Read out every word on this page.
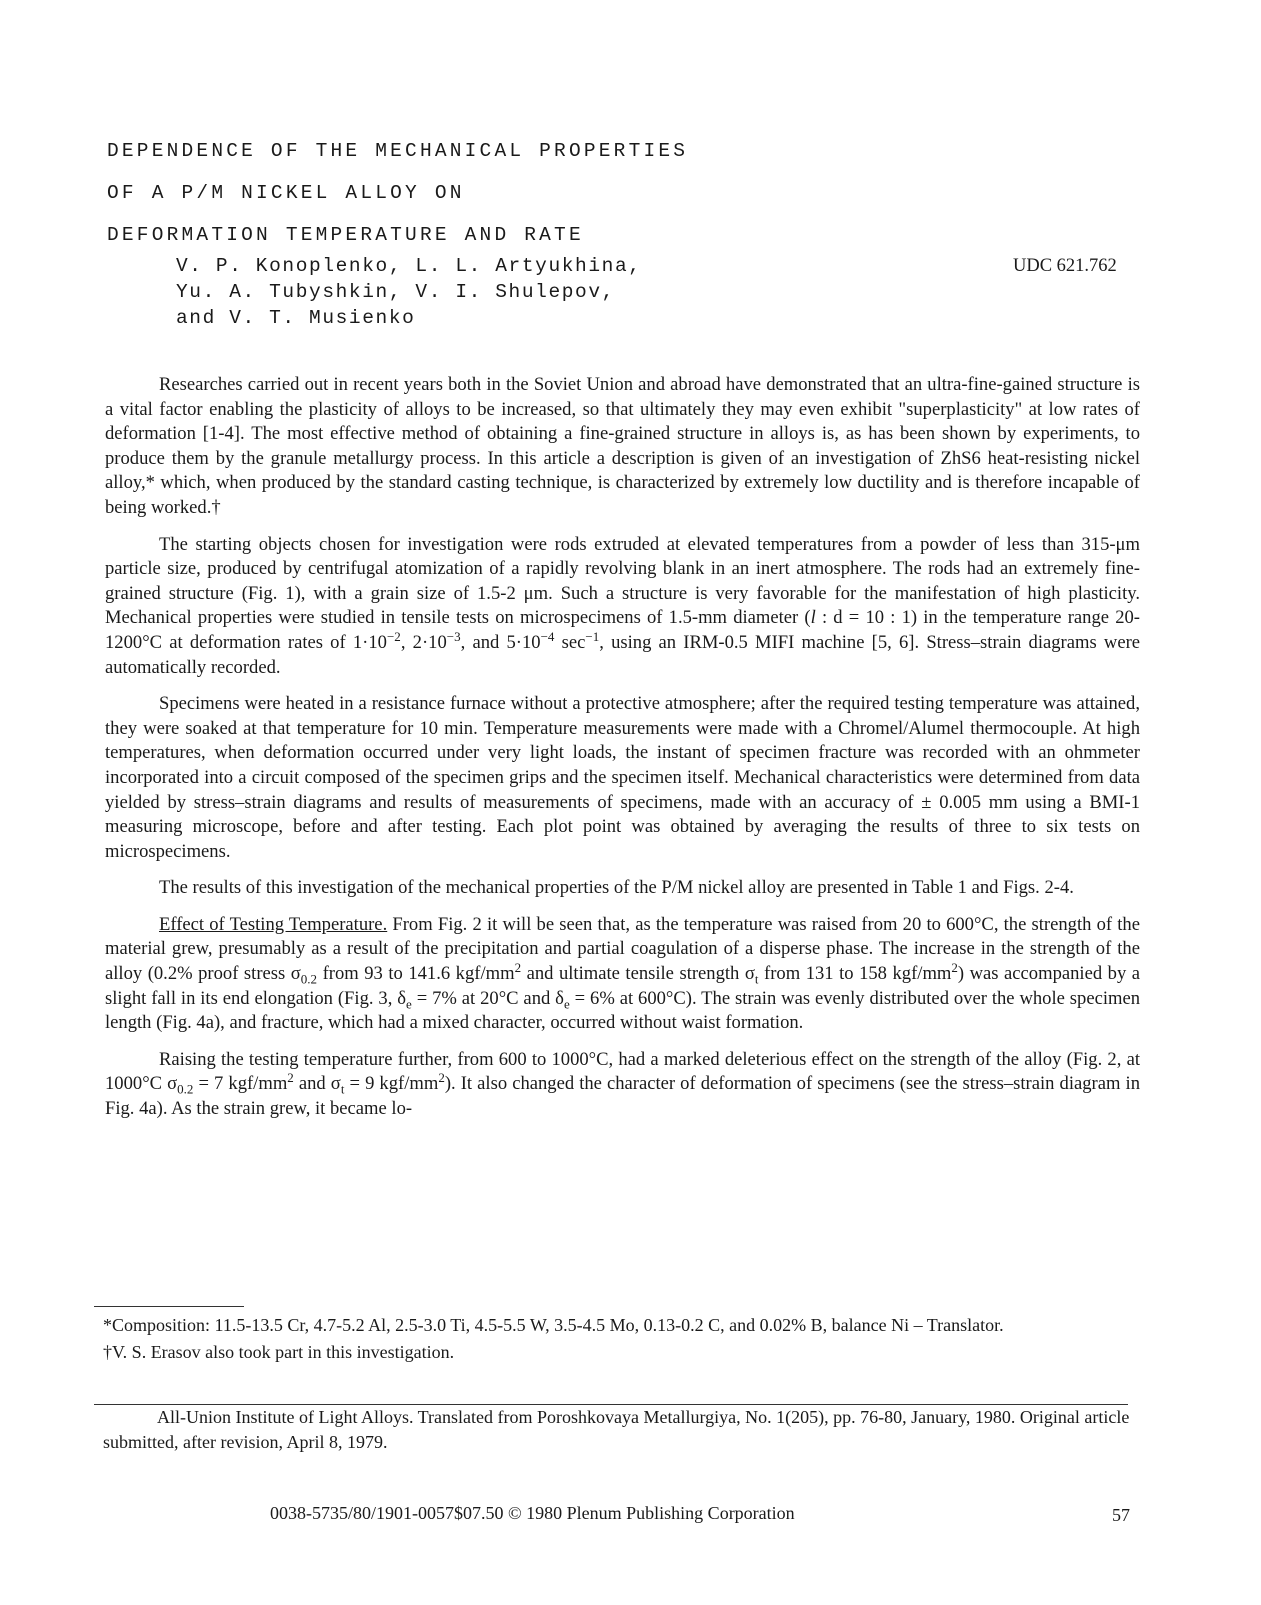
DEPENDENCE OF THE MECHANICAL PROPERTIES
OF A P/M NICKEL ALLOY ON
DEFORMATION TEMPERATURE AND RATE
V. P. Konoplenko, L. L. Artyukhina,
Yu. A. Tubyshkin, V. I. Shulepov,
and V. T. Musienko
UDC 621.762

Researches carried out in recent years both in the Soviet Union and abroad have demonstrated that an ultra-fine-gained structure is a vital factor enabling the plasticity of alloys to be increased, so that ultimately they may even exhibit "superplasticity" at low rates of deformation [1-4]. The most effective method of obtaining a fine-grained structure in alloys is, as has been shown by experiments, to produce them by the granule metallurgy process. In this article a description is given of an investigation of ZhS6 heat-resisting nickel alloy,* which, when produced by the standard casting technique, is characterized by extremely low ductility and is therefore incapable of being worked.†

The starting objects chosen for investigation were rods extruded at elevated temperatures from a powder of less than 315-μm particle size, produced by centrifugal atomization of a rapidly revolving blank in an inert atmosphere. The rods had an extremely fine-grained structure (Fig. 1), with a grain size of 1.5-2 μm. Such a structure is very favorable for the manifestation of high plasticity. Mechanical properties were studied in tensile tests on microspecimens of 1.5-mm diameter (l : d = 10 : 1) in the temperature range 20-1200°C at deformation rates of $1\cdot 10^{-2}$, $2\cdot 10^{-3}$, and $5\cdot 10^{-4}$ $\sec^{-1}$, using an IRM-0.5 MIFI machine [5, 6]. Stress–strain diagrams were automatically recorded.

Specimens were heated in a resistance furnace without a protective atmosphere; after the required testing temperature was attained, they were soaked at that temperature for 10 min. Temperature measurements were made with a Chromel/Alumel thermocouple. At high temperatures, when deformation occurred under very light loads, the instant of specimen fracture was recorded with an ohmmeter incorporated into a circuit composed of the specimen grips and the specimen itself. Mechanical characteristics were determined from data yielded by stress–strain diagrams and results of measurements of specimens, made with an accuracy of ± 0.005 mm using a BMI-1 measuring microscope, before and after testing. Each plot point was obtained by averaging the results of three to six tests on microspecimens.

The results of this investigation of the mechanical properties of the P/M nickel alloy are presented in Table 1 and Figs. 2-4.

Effect of Testing Temperature. From Fig. 2 it will be seen that, as the temperature was raised from 20 to 600°C, the strength of the material grew, presumably as a result of the precipitation and partial coagulation of a disperse phase. The increase in the strength of the alloy (0.2% proof stress $\sigma_{0.2}$ from 93 to 141.6 kgf/$mm^2$ and ultimate tensile strength $\sigma_t$ from 131 to 158 kgf/$mm^2$) was accompanied by a slight fall in its end elongation (Fig. 3, $\delta_e = 7\%$ at 20°C and $\delta_e = 6\%$ at 600°C). The strain was evenly distributed over the whole specimen length (Fig. 4a), and fracture, which had a mixed character, occurred without waist formation.

Raising the testing temperature further, from 600 to 1000°C, had a marked deleterious effect on the strength of the alloy (Fig. 2, at 1000°C $\sigma_{0.2} = 7$ kgf/$mm^2$ and $\sigma_t = 9$ kgf/$mm^2$). It also changed the character of deformation of specimens (see the stress–strain diagram in Fig. 4a). As the strain grew, it became lo-

*Composition: 11.5-13.5 Cr, 4.7-5.2 Al, 2.5-3.0 Ti, 4.5-5.5 W, 3.5-4.5 Mo, 0.13-0.2 C, and 0.02% B, balance Ni – Translator.

†V. S. Erasov also took part in this investigation.

All-Union Institute of Light Alloys. Translated from Poroshkovaya Metallurgiya, No. 1(205), pp. 76-80, January, 1980. Original article submitted, after revision, April 8, 1979.

0038-5735/80/1901-0057$07.50 © 1980 Plenum Publishing Corporation	57
